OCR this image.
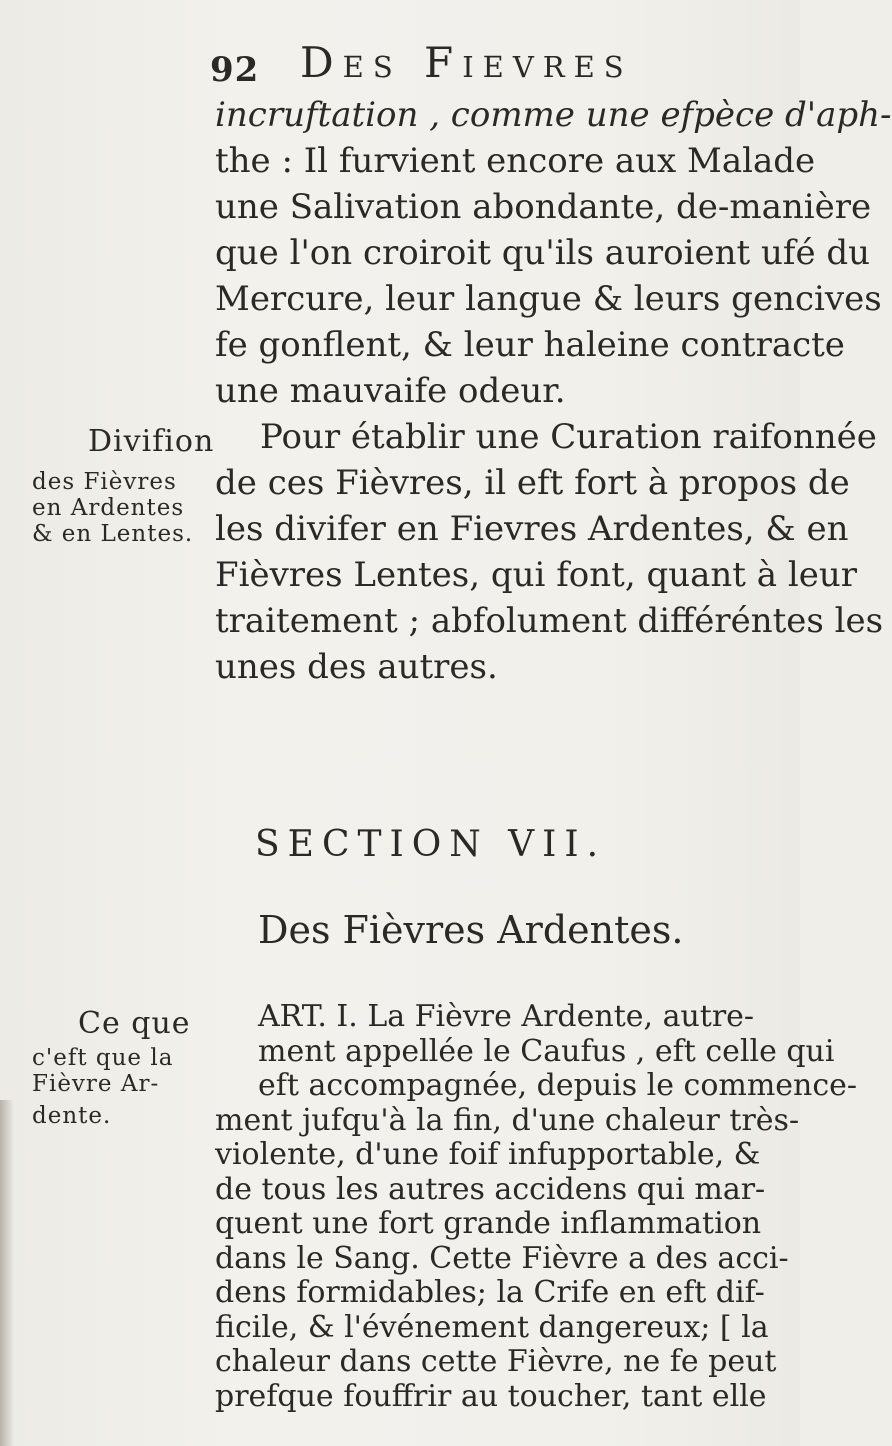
92 Des Fievres
incruftation , comme une efpèce d'aph-
the : Il furvient encore aux Malade
une Salivation abondante, de-manière
que l'on croiroit qu'ils auroient ufé du
Mercure, leur langue & leurs gencives
fe gonflent, & leur haleine contracte
une mauvaife odeur.
Divifion
des Fièvres
en Ardentes
& en Lentes.
Pour établir une Curation raifonnée
de ces Fièvres, il eft fort à propos de
les divifer en Fievres Ardentes, & en
Fièvres Lentes, qui font, quant à leur
traitement ; abfolument différéntes les
unes des autres.
SECTION VII.
Des Fièvres Ardentes.
Ce que
c'eft que la
Fièvre Ar-
dente.
ART. I. La Fièvre Ardente, autre-
ment appellée le Caufus , eft celle qui
eft accompagnée, depuis le commence-
ment jufqu'à la fin, d'une chaleur très-
violente, d'une foif infupportable, &
de tous les autres accidens qui mar-
quent une fort grande inflammation
dans le Sang. Cette Fièvre a des acci-
dens formidables; la Crife en eft dif-
ficile, & l'événement dangereux; [ la
chaleur dans cette Fièvre, ne fe peut
prefque fouffrir au toucher, tant elle
